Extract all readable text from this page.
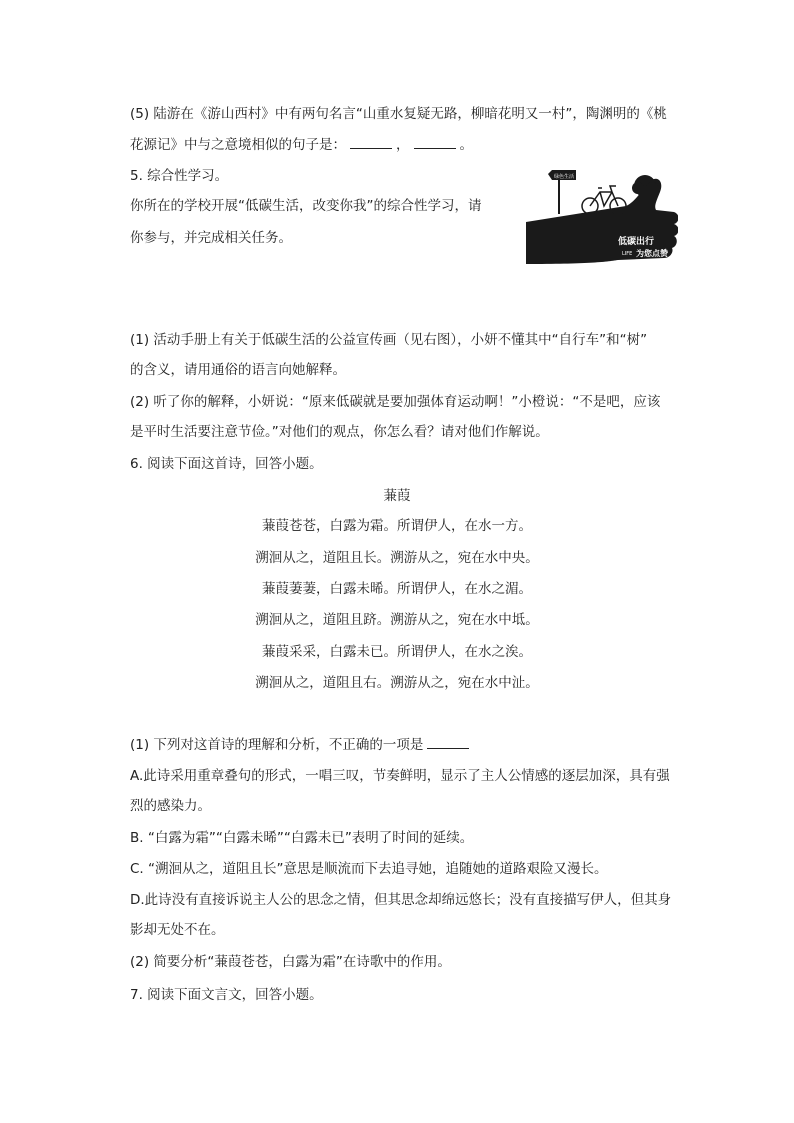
(5) 陆游在《游山西村》中有两句名言“山重水复疑无路，柳暗花明又一村”，陶渊明的《桃
花源记》中与之意境相似的句子是：	，	。
5. 综合性学习。
你所在的学校开展“低碳生活，改变你我”的综合性学习，请
你参与，并完成相关任务。
绿色生活
低碳出行
LIFE 为您点赞
(1) 活动手册上有关于低碳生活的公益宣传画（见右图），小妍不懂其中“自行车”和“树”
的含义，请用通俗的语言向她解释。
(2) 听了你的解释，小妍说：“原来低碳就是要加强体育运动啊！”小橙说：“不是吧，应该
是平时生活要注意节俭。”对他们的观点，你怎么看？请对他们作解说。
6. 阅读下面这首诗，回答小题。
蒹葭
蒹葭苍苍，白露为霜。所谓伊人，在水一方。
溯洄从之，道阻且长。溯游从之，宛在水中央。
蒹葭萋萋，白露未晞。所谓伊人，在水之湄。
溯洄从之，道阻且跻。溯游从之，宛在水中坻。
蒹葭采采，白露未已。所谓伊人，在水之涘。
溯洄从之，道阻且右。溯游从之，宛在水中沚。
(1) 下列对这首诗的理解和分析，不正确的一项是
A.此诗采用重章叠句的形式，一唱三叹，节奏鲜明，显示了主人公情感的逐层加深，具有强
烈的感染力。
B. “白露为霜”“白露未晞”“白露未已”表明了时间的延续。
C. “溯洄从之，道阻且长”意思是顺流而下去追寻她，追随她的道路艰险又漫长。
D.此诗没有直接诉说主人公的思念之情，但其思念却绵远悠长；没有直接描写伊人，但其身
影却无处不在。
(2) 简要分析“蒹葭苍苍，白露为霜”在诗歌中的作用。
7. 阅读下面文言文，回答小题。
